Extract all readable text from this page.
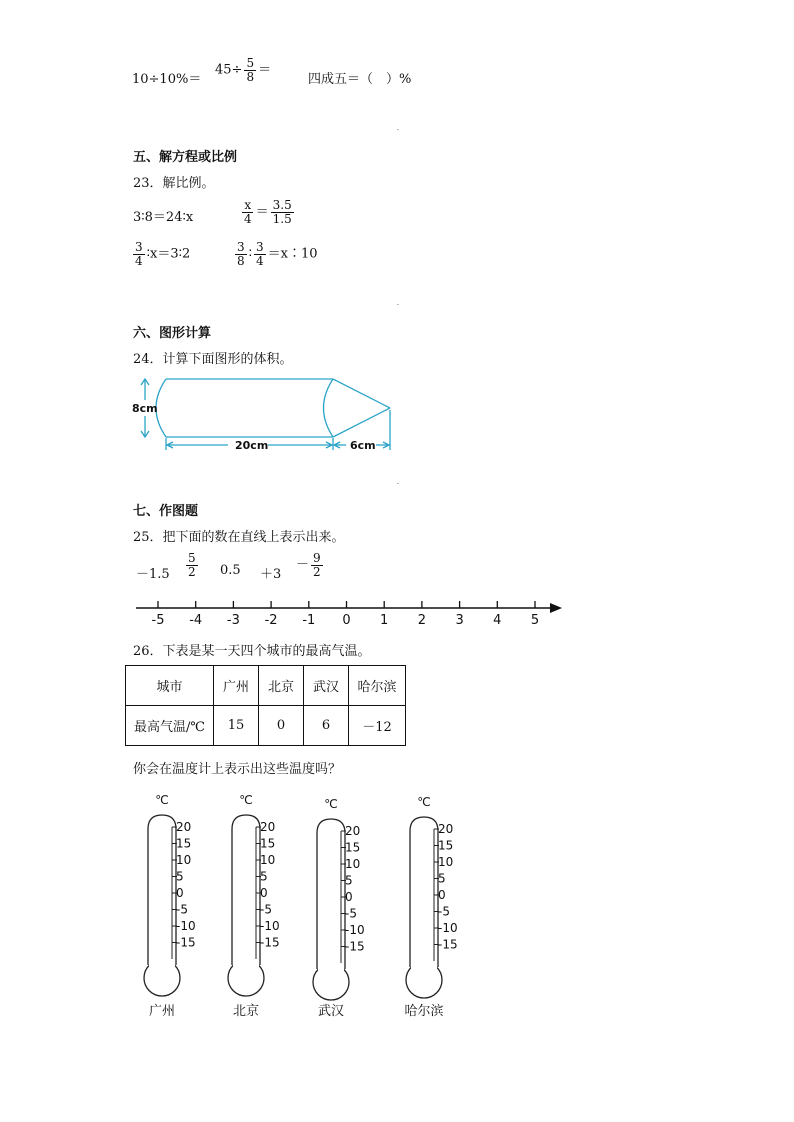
10÷10%＝
$45\div \frac{5}{8}$ ＝
四成五＝（　）%
五、解方程或比例
23．解比例。
3∶8＝24∶x	$\frac{x}{4} = \frac{3.5}{1.5}$
$\frac{3}{4}$ ∶x＝3∶2	$\frac{3}{8}$ ∶ $\frac{3}{4}$ ＝x∶10
六、图形计算
24．计算下面图形的体积。
8cm
20cm	6cm
七、作图题
25．把下面的数在直线上表示出来。
$-1.5 \frac{5}{2} 0.5 +3$
－ $\frac{9}{2}$
-5 -4 -3 -2 -1 0 1 2 3 4 5
26．下表是某一天四个城市的最高气温。
城市	广州	北京	武汉	哈尔滨
最高气温/℃	15	0	6	－12
你会在温度计上表示出这些温度吗？
℃
20
15
10
5
0
-5
-10
-15
广州
℃
20
15
10
5
0
-5
-10
-15
北京
℃
20
15
10
5
0
-5
-10
-15
武汉
℃
20
15
10
5
0
-5
-10
-15
哈尔滨
